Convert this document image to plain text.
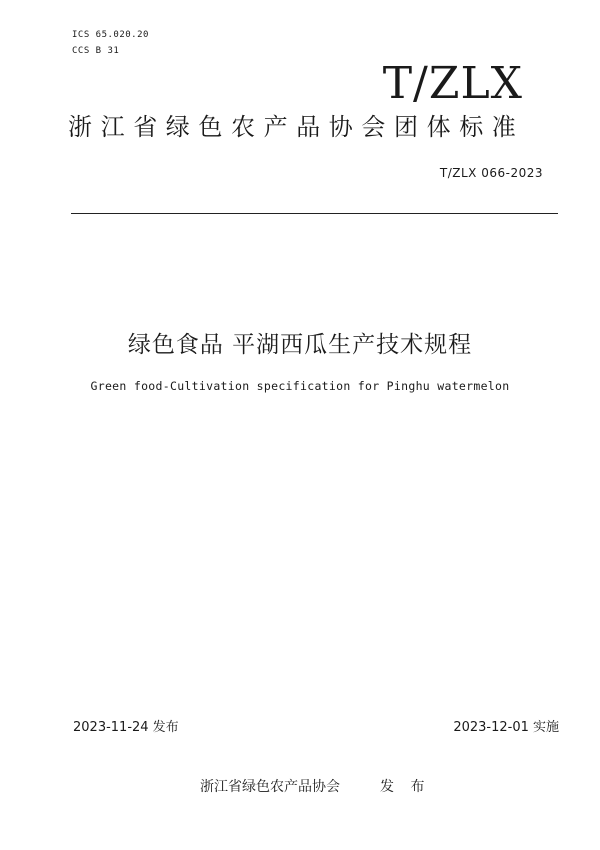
ICS 65.020.20
CCS B 31
T/ZLX
浙江省绿色农产品协会团体标准
T/ZLX 066-2023
绿色食品 平湖西瓜生产技术规程
Green food-Cultivation specification for Pinghu watermelon
2023-11-24 发布	2023-12-01 实施
浙江省绿色农产品协会	发 布
